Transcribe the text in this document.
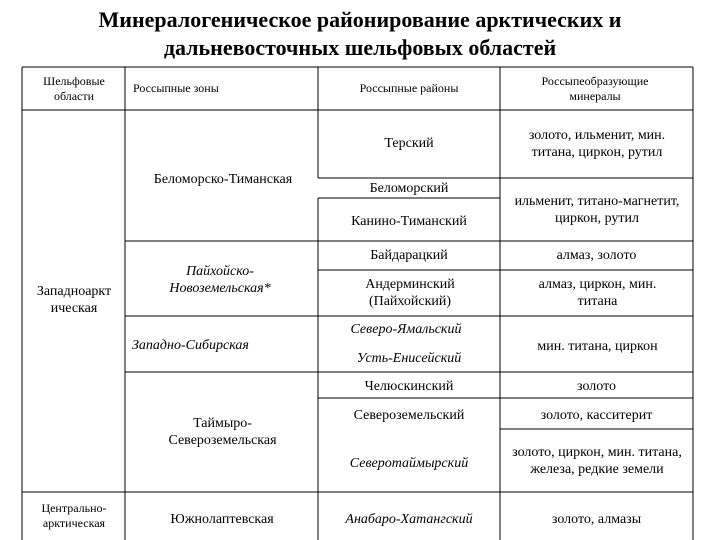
Минералогеническое районирование арктических и
дальневосточных шельфовых областей
Шельфовые области
Россыпные зоны	Россыпные районы
Россыпеобразующие минералы
Западноаркт ическая
Центрально- арктическая
Беломорско-Тиманская
Пайхойско- Новоземельская*
Западно-Сибирская
Таймыро- Североземельская
Южнолаптевская
Терский
Беломорский
Канино-Тиманский
Байдарацкий
Андерминский (Пайхойский)
Северо-Ямальский
Усть-Енисейский
Челюскинский
Североземельский
Северотаймырский
Анабаро-Хатангский
золото, ильменит, мин. титана, циркон, рутил
ильменит, титано-магнетит, циркон, рутил
алмаз, золото
алмаз, циркон, мин. титана
мин. титана, циркон
золото
золото, касситерит
золото, циркон, мин. титана, железа, редкие земели
золото, алмазы
